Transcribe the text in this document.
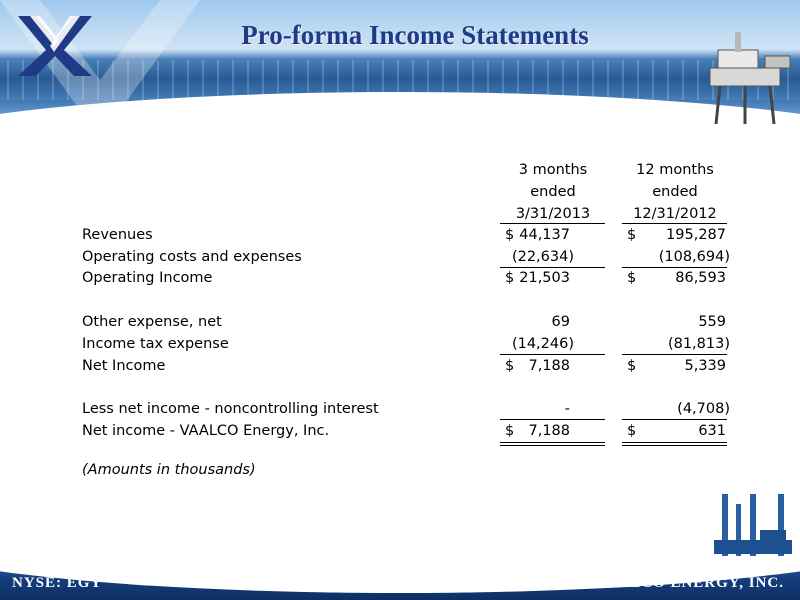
Pro-forma Income Statements
3 months
ended
3/31/2013
12 months
ended
12/31/2012
Revenues	$ 44,137	$	195,287
Operating costs and expenses	(22,634)	(108,694)
Operating Income	$ 21,503	$	86,593
Other expense, net	69	559
Income tax expense	(14,246)	(81,813)
Net Income	$ 7,188	$	5,339
Less net income - noncontrolling interest	-	(4,708)
Net income - VAALCO Energy, Inc.	$ 7,188	$	631
(Amounts in thousands)
NYSE: EGY	VAALCO ENERGY, INC.
